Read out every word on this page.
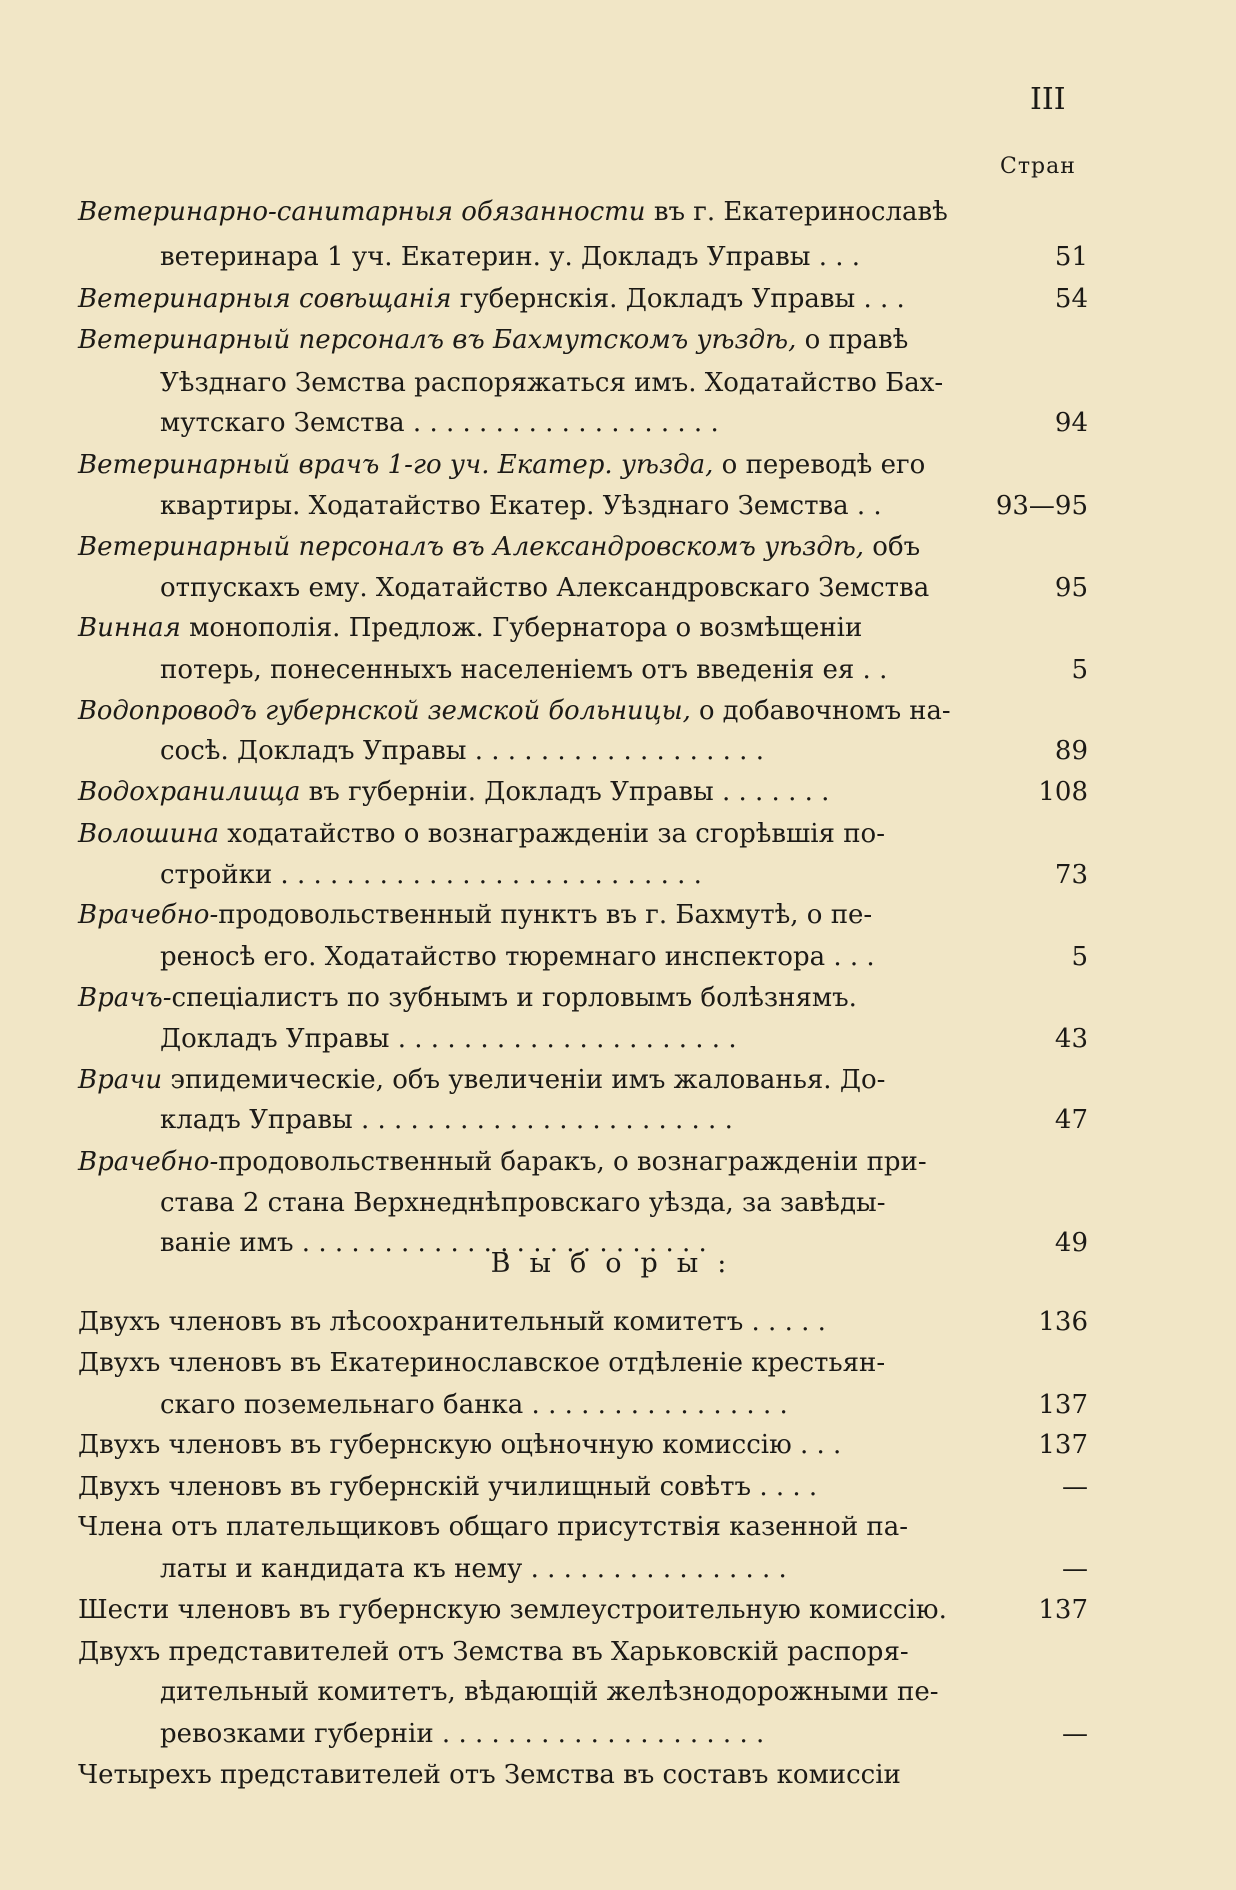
III
Стран
Ветеринарно-санитарныя обязанности въ г. Екатеринославѣ
ветеринара 1 уч. Екатерин. у. Докладъ Управы . . .	51
Ветеринарныя совѣщанія губернскія. Докладъ Управы . . .	54
Ветеринарный персоналъ въ Бахмутскомъ уѣздѣ, о правѣ
Уѣзднаго Земства распоряжаться имъ. Ходатайство Бах-
мутскаго Земства . . . . . . . . . . . . . . . . . . .	94
Ветеринарный врачъ 1-го уч. Екатер. уѣзда, о переводѣ его
квартиры. Ходатайство Екатер. Уѣзднаго Земства . .	93—95
Ветеринарный персоналъ въ Александровскомъ уѣздѣ, объ
отпускахъ ему. Ходатайство Александровскаго Земства	95
Винная монополія. Предлож. Губернатора о возмѣщеніи
потерь, понесенныхъ населеніемъ отъ введенія ея . .	5
Водопроводъ губернской земской больницы, о добавочномъ на-
сосѣ. Докладъ Управы . . . . . . . . . . . . . . . . . .	89
Водохранилища въ губерніи. Докладъ Управы . . . . . . .	108
Волошина ходатайство о вознагражденіи за сгорѣвшія по-
стройки . . . . . . . . . . . . . . . . . . . . . . . . . .	73
Врачебно-продовольственный пунктъ въ г. Бахмутѣ, о пе-
реносѣ его. Ходатайство тюремнаго инспектора . . .	5
Врачъ-спеціалистъ по зубнымъ и горловымъ болѣзнямъ.
Докладъ Управы . . . . . . . . . . . . . . . . . . . . .	43
Врачи эпидемическіе, объ увеличеніи имъ жалованья. До-
кладъ Управы . . . . . . . . . . . . . . . . . . . . . . .	47
Врачебно-продовольственный баракъ, о вознагражденіи при-
става 2 стана Верхнеднѣпровскаго уѣзда, за завѣды-
ваніе имъ . . . . . . . . . . . . . . . . . . . . . . . . .	49
Выборы:
Двухъ членовъ въ лѣсоохранительный комитетъ . . . . .	136
Двухъ членовъ въ Екатеринославское отдѣленіе крестьян-
скаго поземельнаго банка . . . . . . . . . . . . . . . .	137
Двухъ членовъ въ губернскую оцѣночную комиссію . . .	137
Двухъ членовъ въ губернскій училищный совѣтъ . . . .	—
Члена отъ плательщиковъ общаго присутствія казенной па-
латы и кандидата къ нему . . . . . . . . . . . . . . . .	—
Шести членовъ въ губернскую землеустроительную комиссію.	137
Двухъ представителей отъ Земства въ Харьковскій распоря-
дительный комитетъ, вѣдающій желѣзнодорожными пе-
ревозками губерніи . . . . . . . . . . . . . . . . . . . .	—
Четырехъ представителей отъ Земства въ составъ комиссіи
